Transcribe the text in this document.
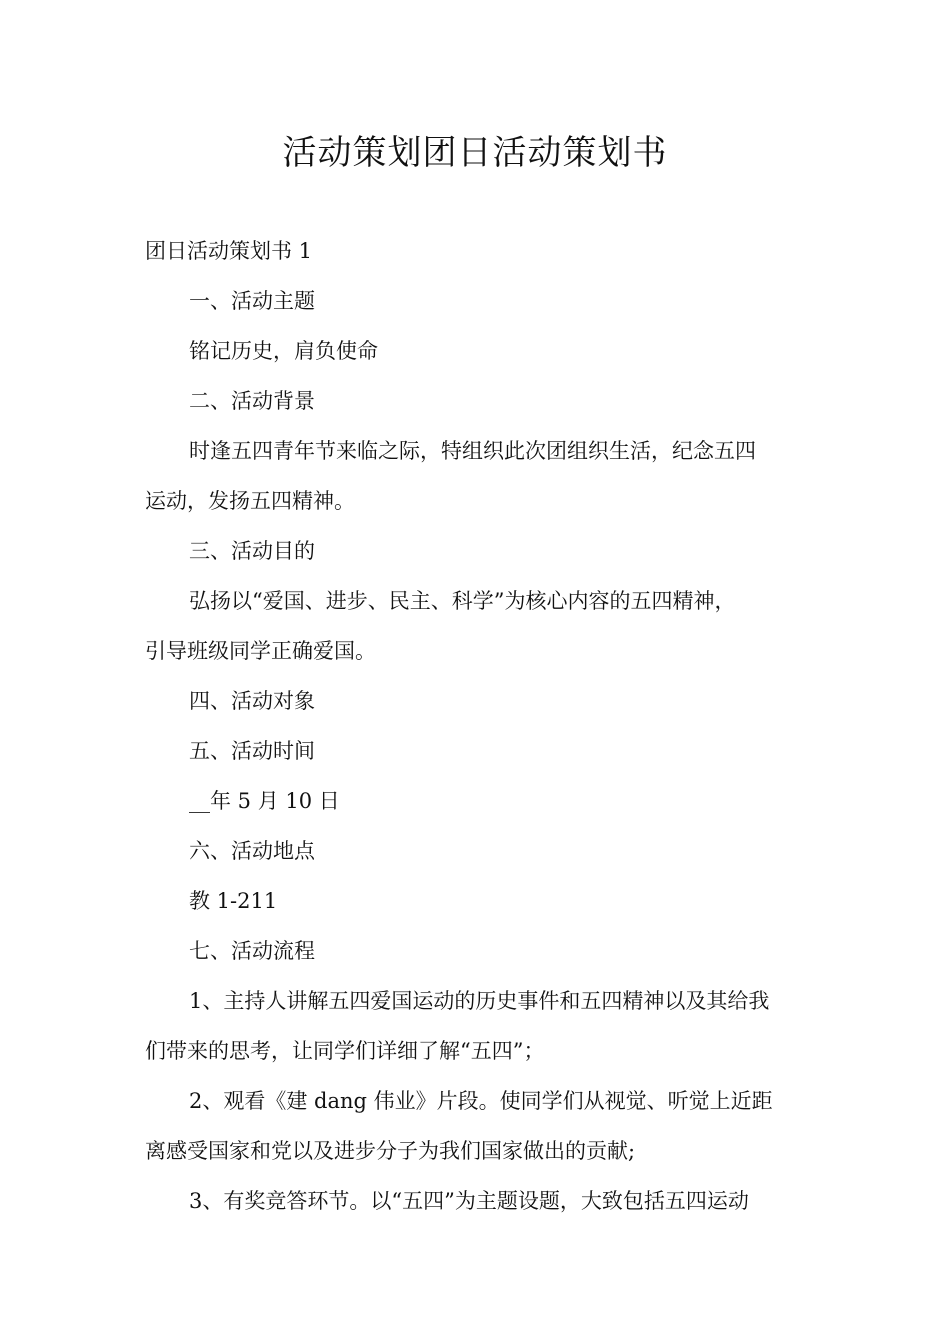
活动策划团日活动策划书

团日活动策划书 1

一、活动主题

铭记历史，肩负使命

二、活动背景

时逢五四青年节来临之际，特组织此次团组织生活，纪念五四

运动，发扬五四精神。

三、活动目的

弘扬以“爱国、进步、民主、科学”为核心内容的五四精神，

引导班级同学正确爱国。

四、活动对象

五、活动时间

__年 5 月 10 日

六、活动地点

教 1-211

七、活动流程

1、主持人讲解五四爱国运动的历史事件和五四精神以及其给我

们带来的思考，让同学们详细了解“五四”；

2、观看《建 dang 伟业》片段。使同学们从视觉、听觉上近距

离感受国家和党以及进步分子为我们国家做出的贡献;

3、有奖竞答环节。以“五四”为主题设题，大致包括五四运动
